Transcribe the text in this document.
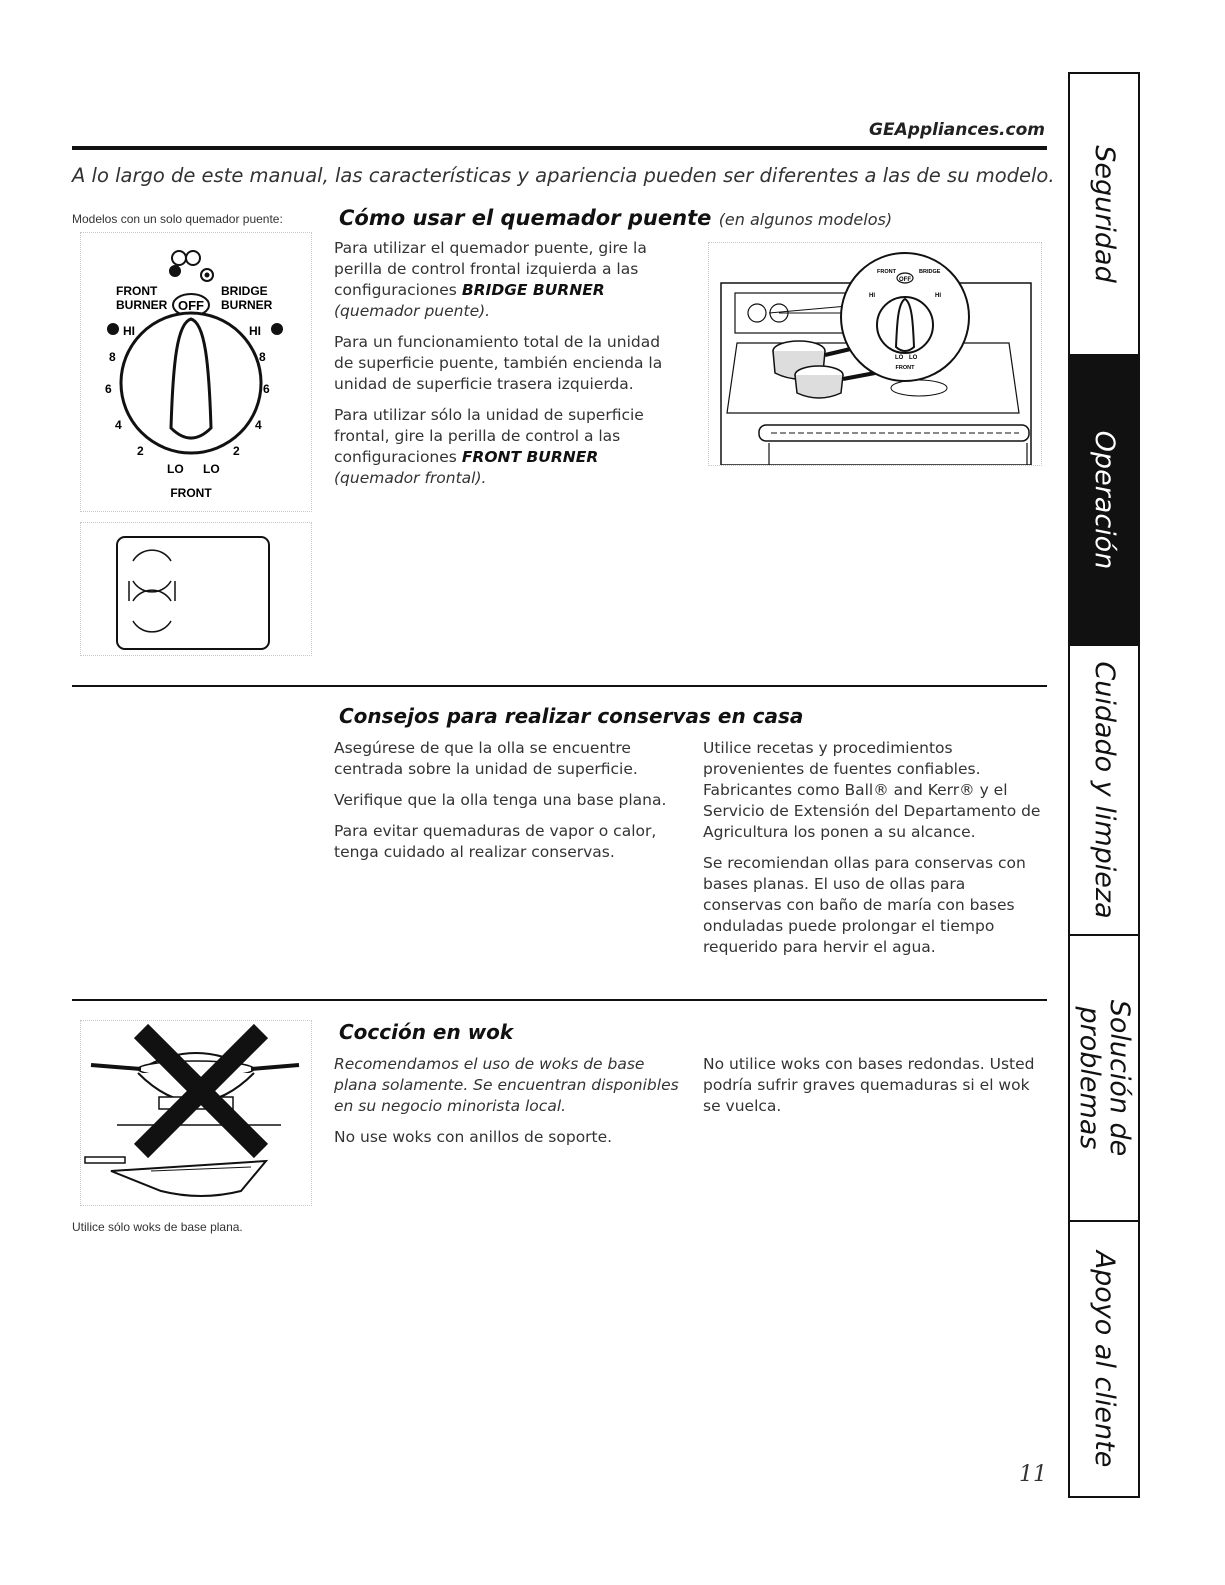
GEAppliances.com
A lo largo de este manual, las características y apariencia pueden ser diferentes a las de su modelo.
Modelos con un solo quemador puente:
OFF
FRONT
BURNER
BRIDGE
BURNER
HI	HI
8
6
4
2
8
6
4
2
LO LO
FRONT
Cómo usar el quemador puente (en algunos modelos)

Para utilizar el quemador puente, gire la perilla de control frontal izquierda a las configuraciones BRIDGE BURNER (quemador puente).

Para un funcionamiento total de la unidad de superficie puente, también encienda la unidad de superficie trasera izquierda.

Para utilizar sólo la unidad de superficie frontal, gire la perilla de control a las configuraciones FRONT BURNER (quemador frontal).

OFF
FRONT	BRIDGE
HI	HI
LO LO
FRONT
Consejos para realizar conservas en casa

Asegúrese de que la olla se encuentre centrada sobre la unidad de superficie.

Verifique que la olla tenga una base plana.

Para evitar quemaduras de vapor o calor, tenga cuidado al realizar conservas.

Utilice recetas y procedimientos provenientes de fuentes confiables. Fabricantes como Ball® and Kerr® y el Servicio de Extensión del Departamento de Agricultura los ponen a su alcance.

Se recomiendan ollas para conservas con bases planas. El uso de ollas para conservas con baño de maría con bases onduladas puede prolongar el tiempo requerido para hervir el agua.

Utilice sólo woks de base plana.
Cocción en wok

Recomendamos el uso de woks de base plana solamente. Se encuentran disponibles en su negocio minorista local.

No use woks con anillos de soporte.

No utilice woks con bases redondas. Usted podría sufrir graves quemaduras si el wok se vuelca.

11
Seguridad
Operación
Cuidado y limpieza
Solución de
problemas
Apoyo al cliente
